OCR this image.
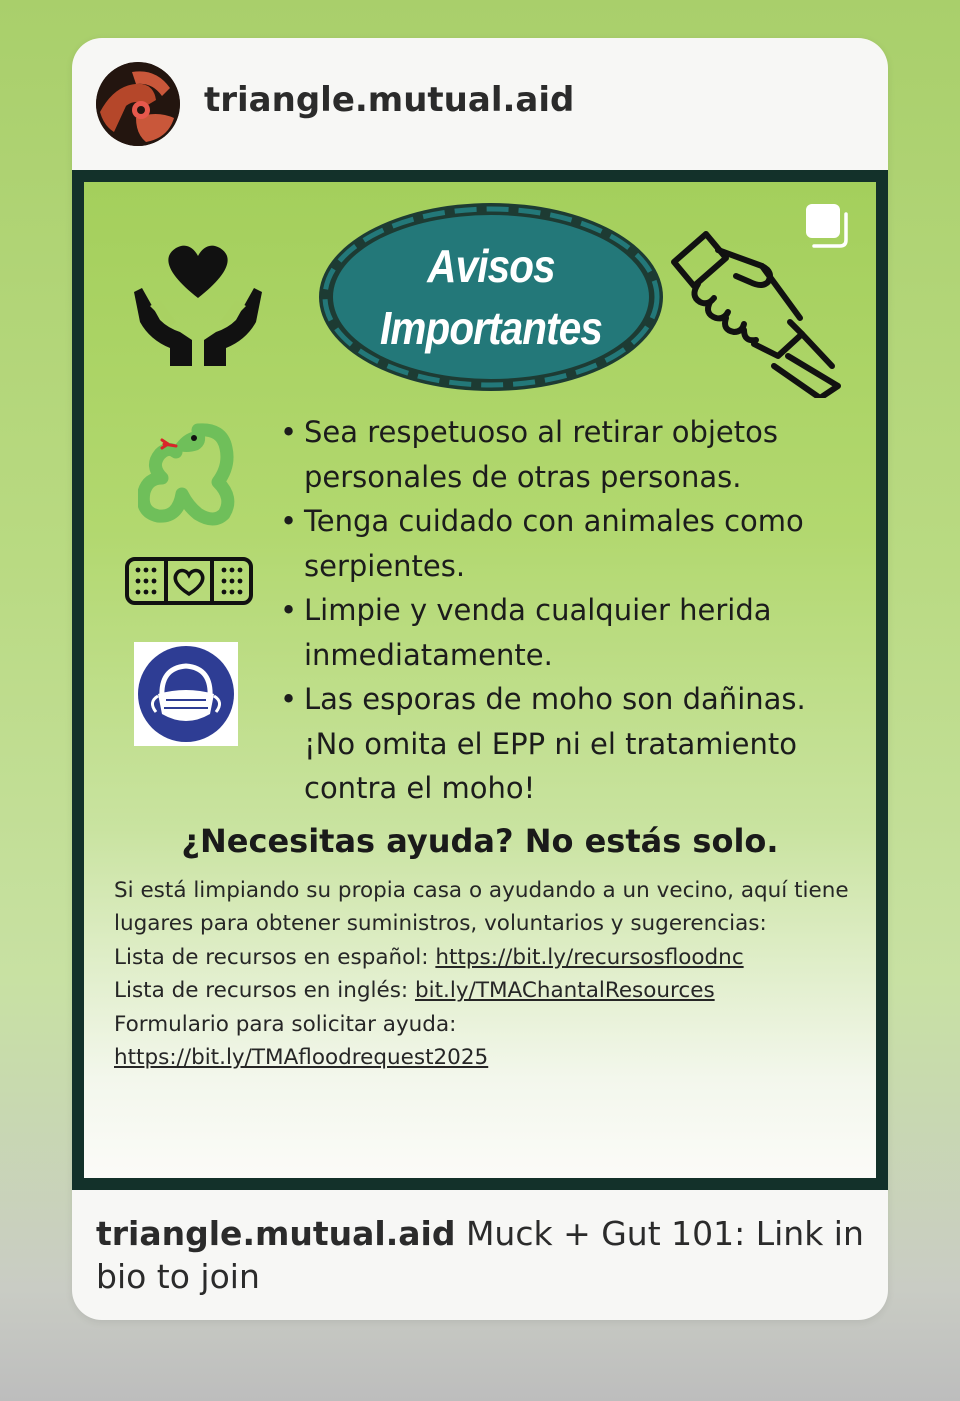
triangle.mutual.aid
Avisos
Importantes
• Sea respetuoso al retirar objetos personales de otras personas.
• Tenga cuidado con animales como serpientes.
• Limpie y venda cualquier herida inmediatamente.
• Las esporas de moho son dañinas. ¡No omita el EPP ni el tratamiento contra el moho!
¿Necesitas ayuda? No estás solo.
Si está limpiando su propia casa o ayudando a un vecino, aquí tiene lugares para obtener suministros, voluntarios y sugerencias:
Lista de recursos en español: https://bit.ly/recursosfloodnc
Lista de recursos en inglés: bit.ly/TMAChantalResources
Formulario para solicitar ayuda:
https://bit.ly/TMAfloodrequest2025
triangle.mutual.aid Muck + Gut 101: Link in bio to join
